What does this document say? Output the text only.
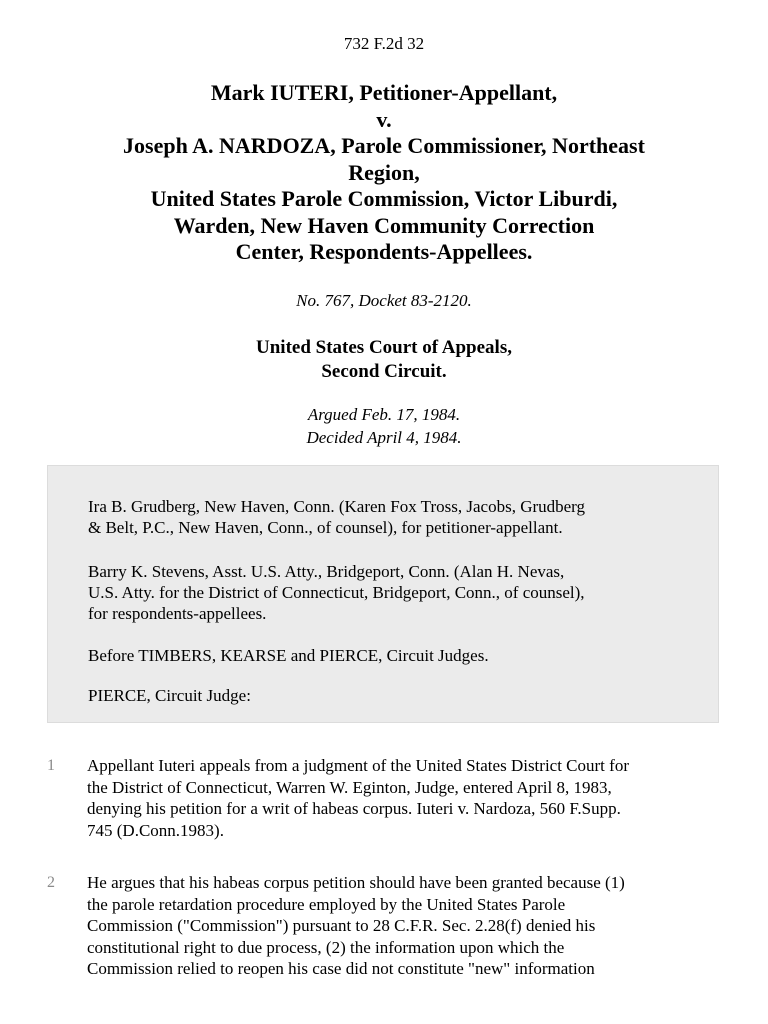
732 F.2d 32
Mark IUTERI, Petitioner-Appellant,
v.
Joseph A. NARDOZA, Parole Commissioner, Northeast
Region,
United States Parole Commission, Victor Liburdi,
Warden, New Haven Community Correction
Center, Respondents-Appellees.
No. 767, Docket 83-2120.
United States Court of Appeals,
Second Circuit.
Argued Feb. 17, 1984.
Decided April 4, 1984.

Ira B. Grudberg, New Haven, Conn. (Karen Fox Tross, Jacobs, Grudberg
& Belt, P.C., New Haven, Conn., of counsel), for petitioner-appellant.

Barry K. Stevens, Asst. U.S. Atty., Bridgeport, Conn. (Alan H. Nevas,
U.S. Atty. for the District of Connecticut, Bridgeport, Conn., of counsel),
for respondents-appellees.

Before TIMBERS, KEARSE and PIERCE, Circuit Judges.

PIERCE, Circuit Judge:

1 Appellant Iuteri appeals from a judgment of the United States District Court for
the District of Connecticut, Warren W. Eginton, Judge, entered April 8, 1983,
denying his petition for a writ of habeas corpus. Iuteri v. Nardoza, 560 F.Supp.
745 (D.Conn.1983).

2 He argues that his habeas corpus petition should have been granted because (1)
the parole retardation procedure employed by the United States Parole
Commission ("Commission") pursuant to 28 C.F.R. Sec. 2.28(f) denied his
constitutional right to due process, (2) the information upon which the
Commission relied to reopen his case did not constitute "new" information
